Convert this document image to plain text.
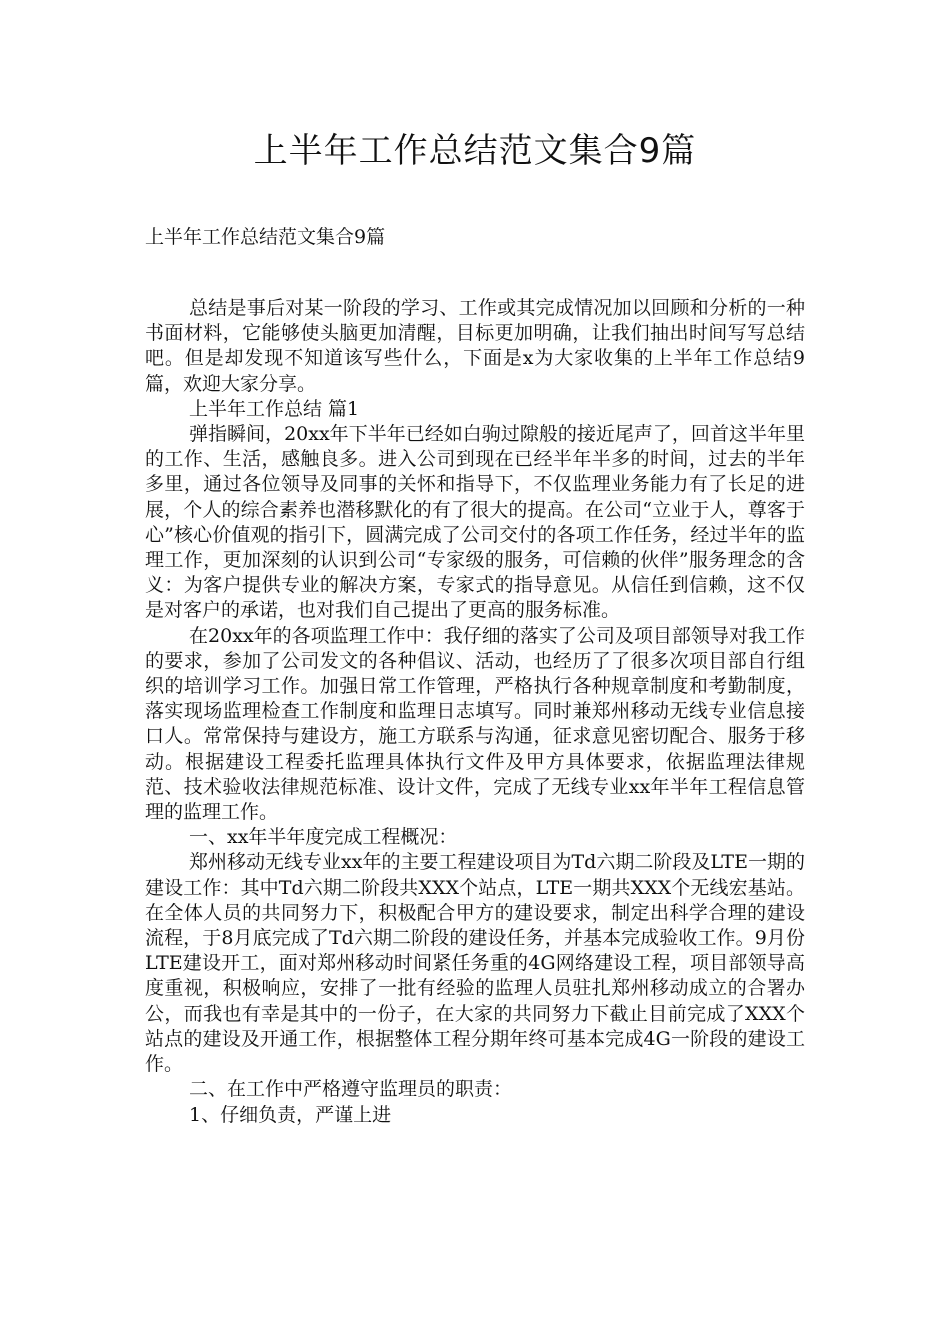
上半年工作总结范文集合9篇

上半年工作总结范文集合9篇

总结是事后对某一阶段的学习、工作或其完成情况加以回顾和分析的一种书面材料，它能够使头脑更加清醒，目标更加明确，让我们抽出时间写写总结吧。但是却发现不知道该写些什么，下面是x为大家收集的上半年工作总结9篇，欢迎大家分享。

上半年工作总结 篇1

弹指瞬间，20xx年下半年已经如白驹过隙般的接近尾声了，回首这半年里的工作、生活，感触良多。进入公司到现在已经半年半多的时间，过去的半年多里，通过各位领导及同事的关怀和指导下，不仅监理业务能力有了长足的进展，个人的综合素养也潜移默化的有了很大的提高。在公司“立业于人，尊客于心”核心价值观的指引下，圆满完成了公司交付的各项工作任务，经过半年的监理工作，更加深刻的认识到公司“专家级的服务，可信赖的伙伴”服务理念的含义：为客户提供专业的解决方案，专家式的指导意见。从信任到信赖，这不仅是对客户的承诺，也对我们自己提出了更高的服务标准。

在20xx年的各项监理工作中：我仔细的落实了公司及项目部领导对我工作的要求，参加了公司发文的各种倡议、活动，也经历了了很多次项目部自行组织的培训学习工作。加强日常工作管理，严格执行各种规章制度和考勤制度，落实现场监理检查工作制度和监理日志填写。同时兼郑州移动无线专业信息接口人。常常保持与建设方，施工方联系与沟通，征求意见密切配合、服务于移动。根据建设工程委托监理具体执行文件及甲方具体要求，依据监理法律规范、技术验收法律规范标准、设计文件，完成了无线专业xx年半年工程信息管理的监理工作。

一、xx年半年度完成工程概况：

郑州移动无线专业xx年的主要工程建设项目为Td六期二阶段及LTE一期的建设工作：其中Td六期二阶段共XXX个站点，LTE一期共XXX个无线宏基站。 在全体人员的共同努力下，积极配合甲方的建设要求，制定出科学合理的建设流程，于8月底完成了Td六期二阶段的建设任务，并基本完成验收工作。9月份LTE建设开工，面对郑州移动时间紧任务重的4G网络建设工程，项目部领导高度重视，积极响应，安排了一批有经验的监理人员驻扎郑州移动成立的合署办公，而我也有幸是其中的一份子，在大家的共同努力下截止目前完成了XXX个站点的建设及开通工作，根据整体工程分期年终可基本完成4G一阶段的建设工作。

二、在工作中严格遵守监理员的职责：

1、仔细负责，严谨上进
